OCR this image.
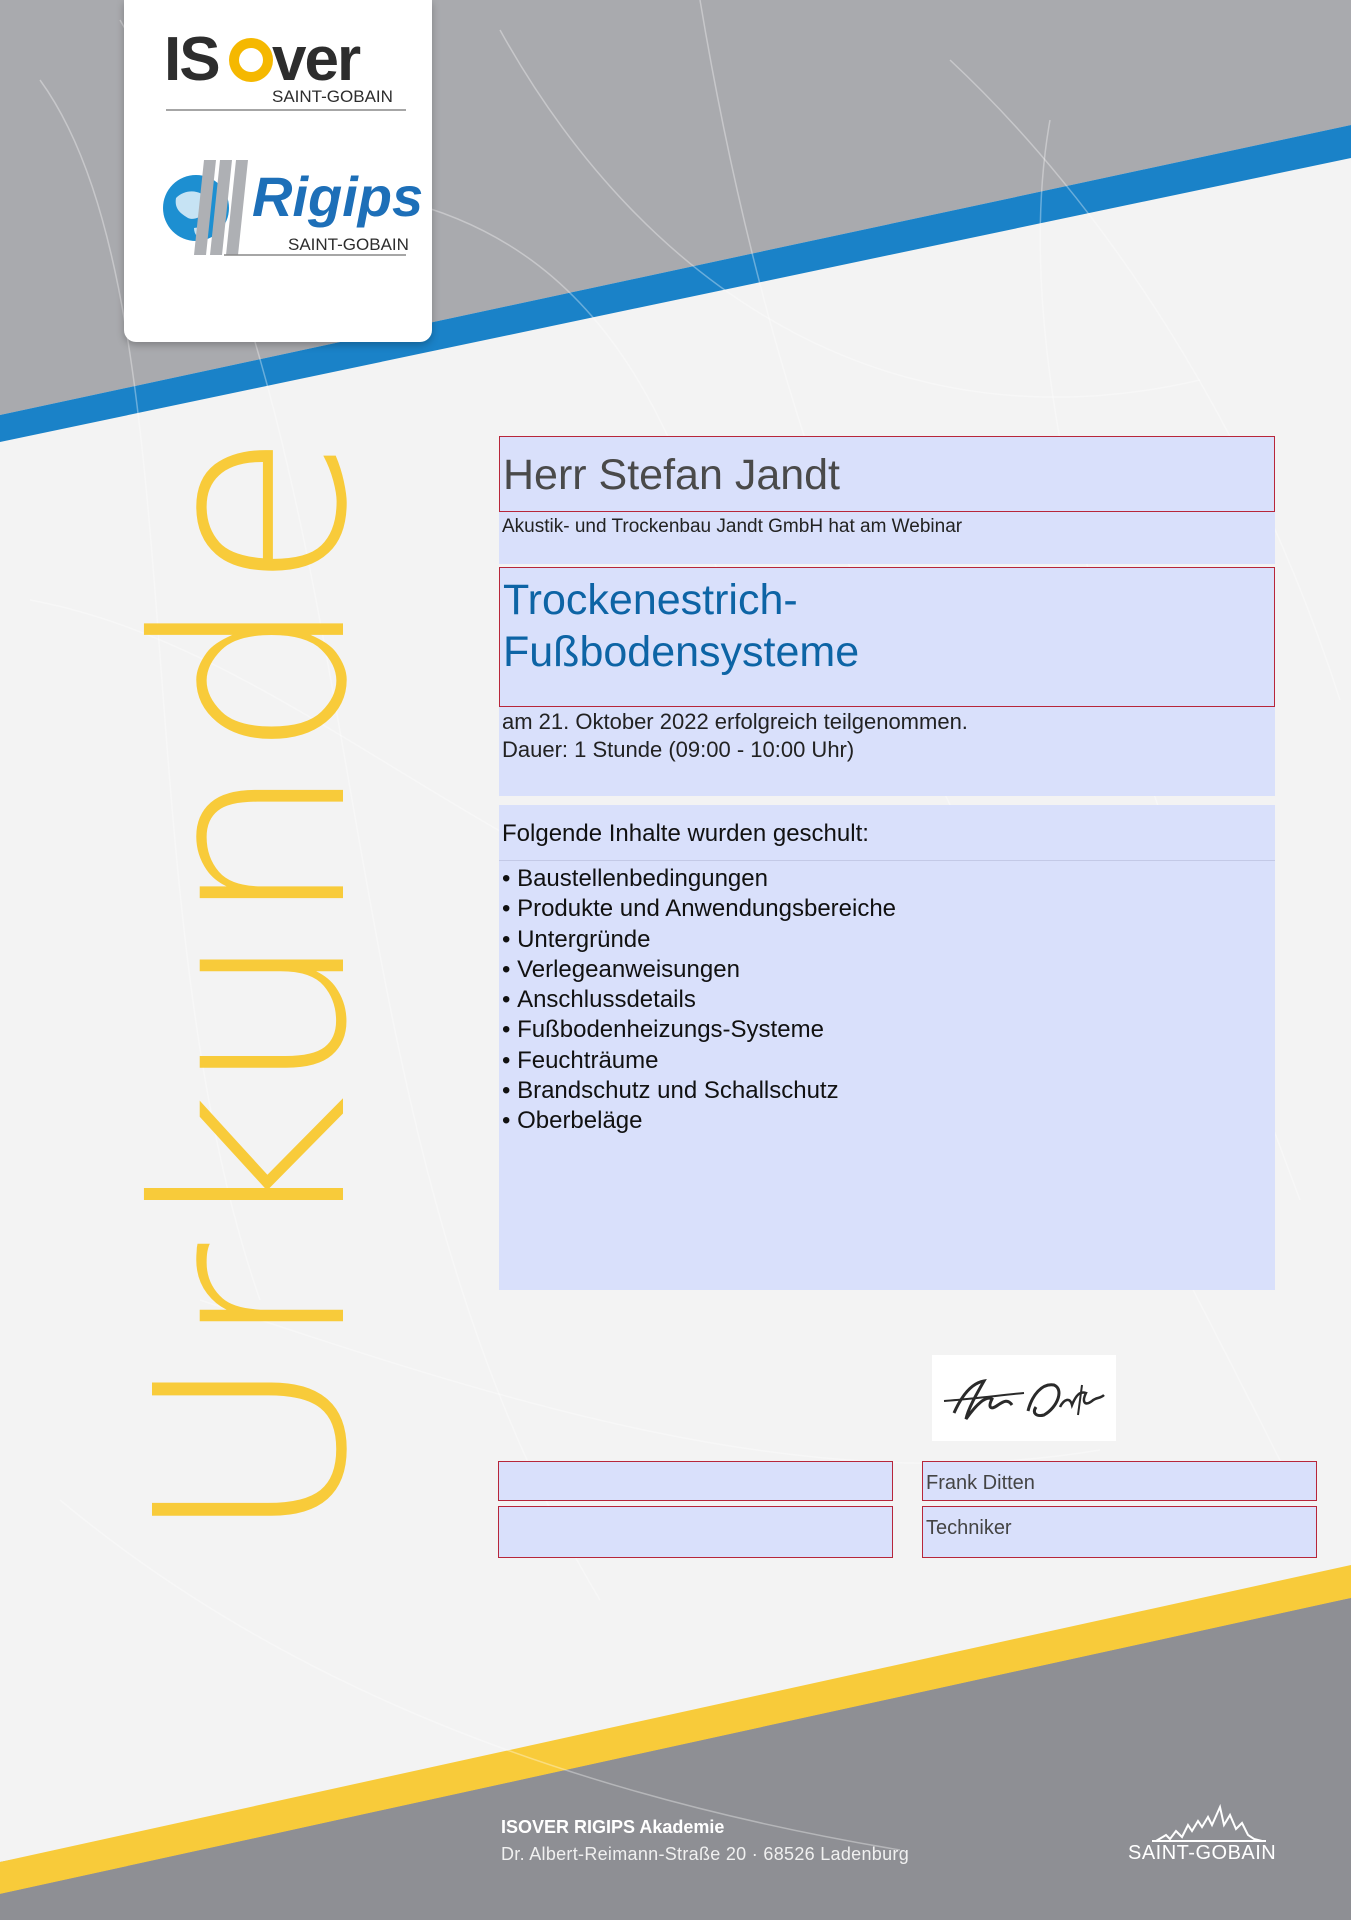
IS ver
SAINT-GOBAIN
Rigips
SAINT-GOBAIN
Urkunde Herr Stefan Jandt
Akustik- und Trockenbau Jandt GmbH hat am Webinar
Trockenestrich-
Fußbodensysteme
am 21. Oktober 2022 erfolgreich teilgenommen.
Dauer: 1 Stunde (09:00 - 10:00 Uhr)
Folgende Inhalte wurden geschult:
• Baustellenbedingungen
• Produkte und Anwendungsbereiche
• Untergründe
• Verlegeanweisungen
• Anschlussdetails
• Fußbodenheizungs-Systeme
• Feuchträume
• Brandschutz und Schallschutz
• Oberbeläge
Frank Ditten
Techniker
ISOVER RIGIPS Akademie
Dr. Albert-Reimann-Straße 20 · 68526 Ladenburg	SAINT-GOBAIN
